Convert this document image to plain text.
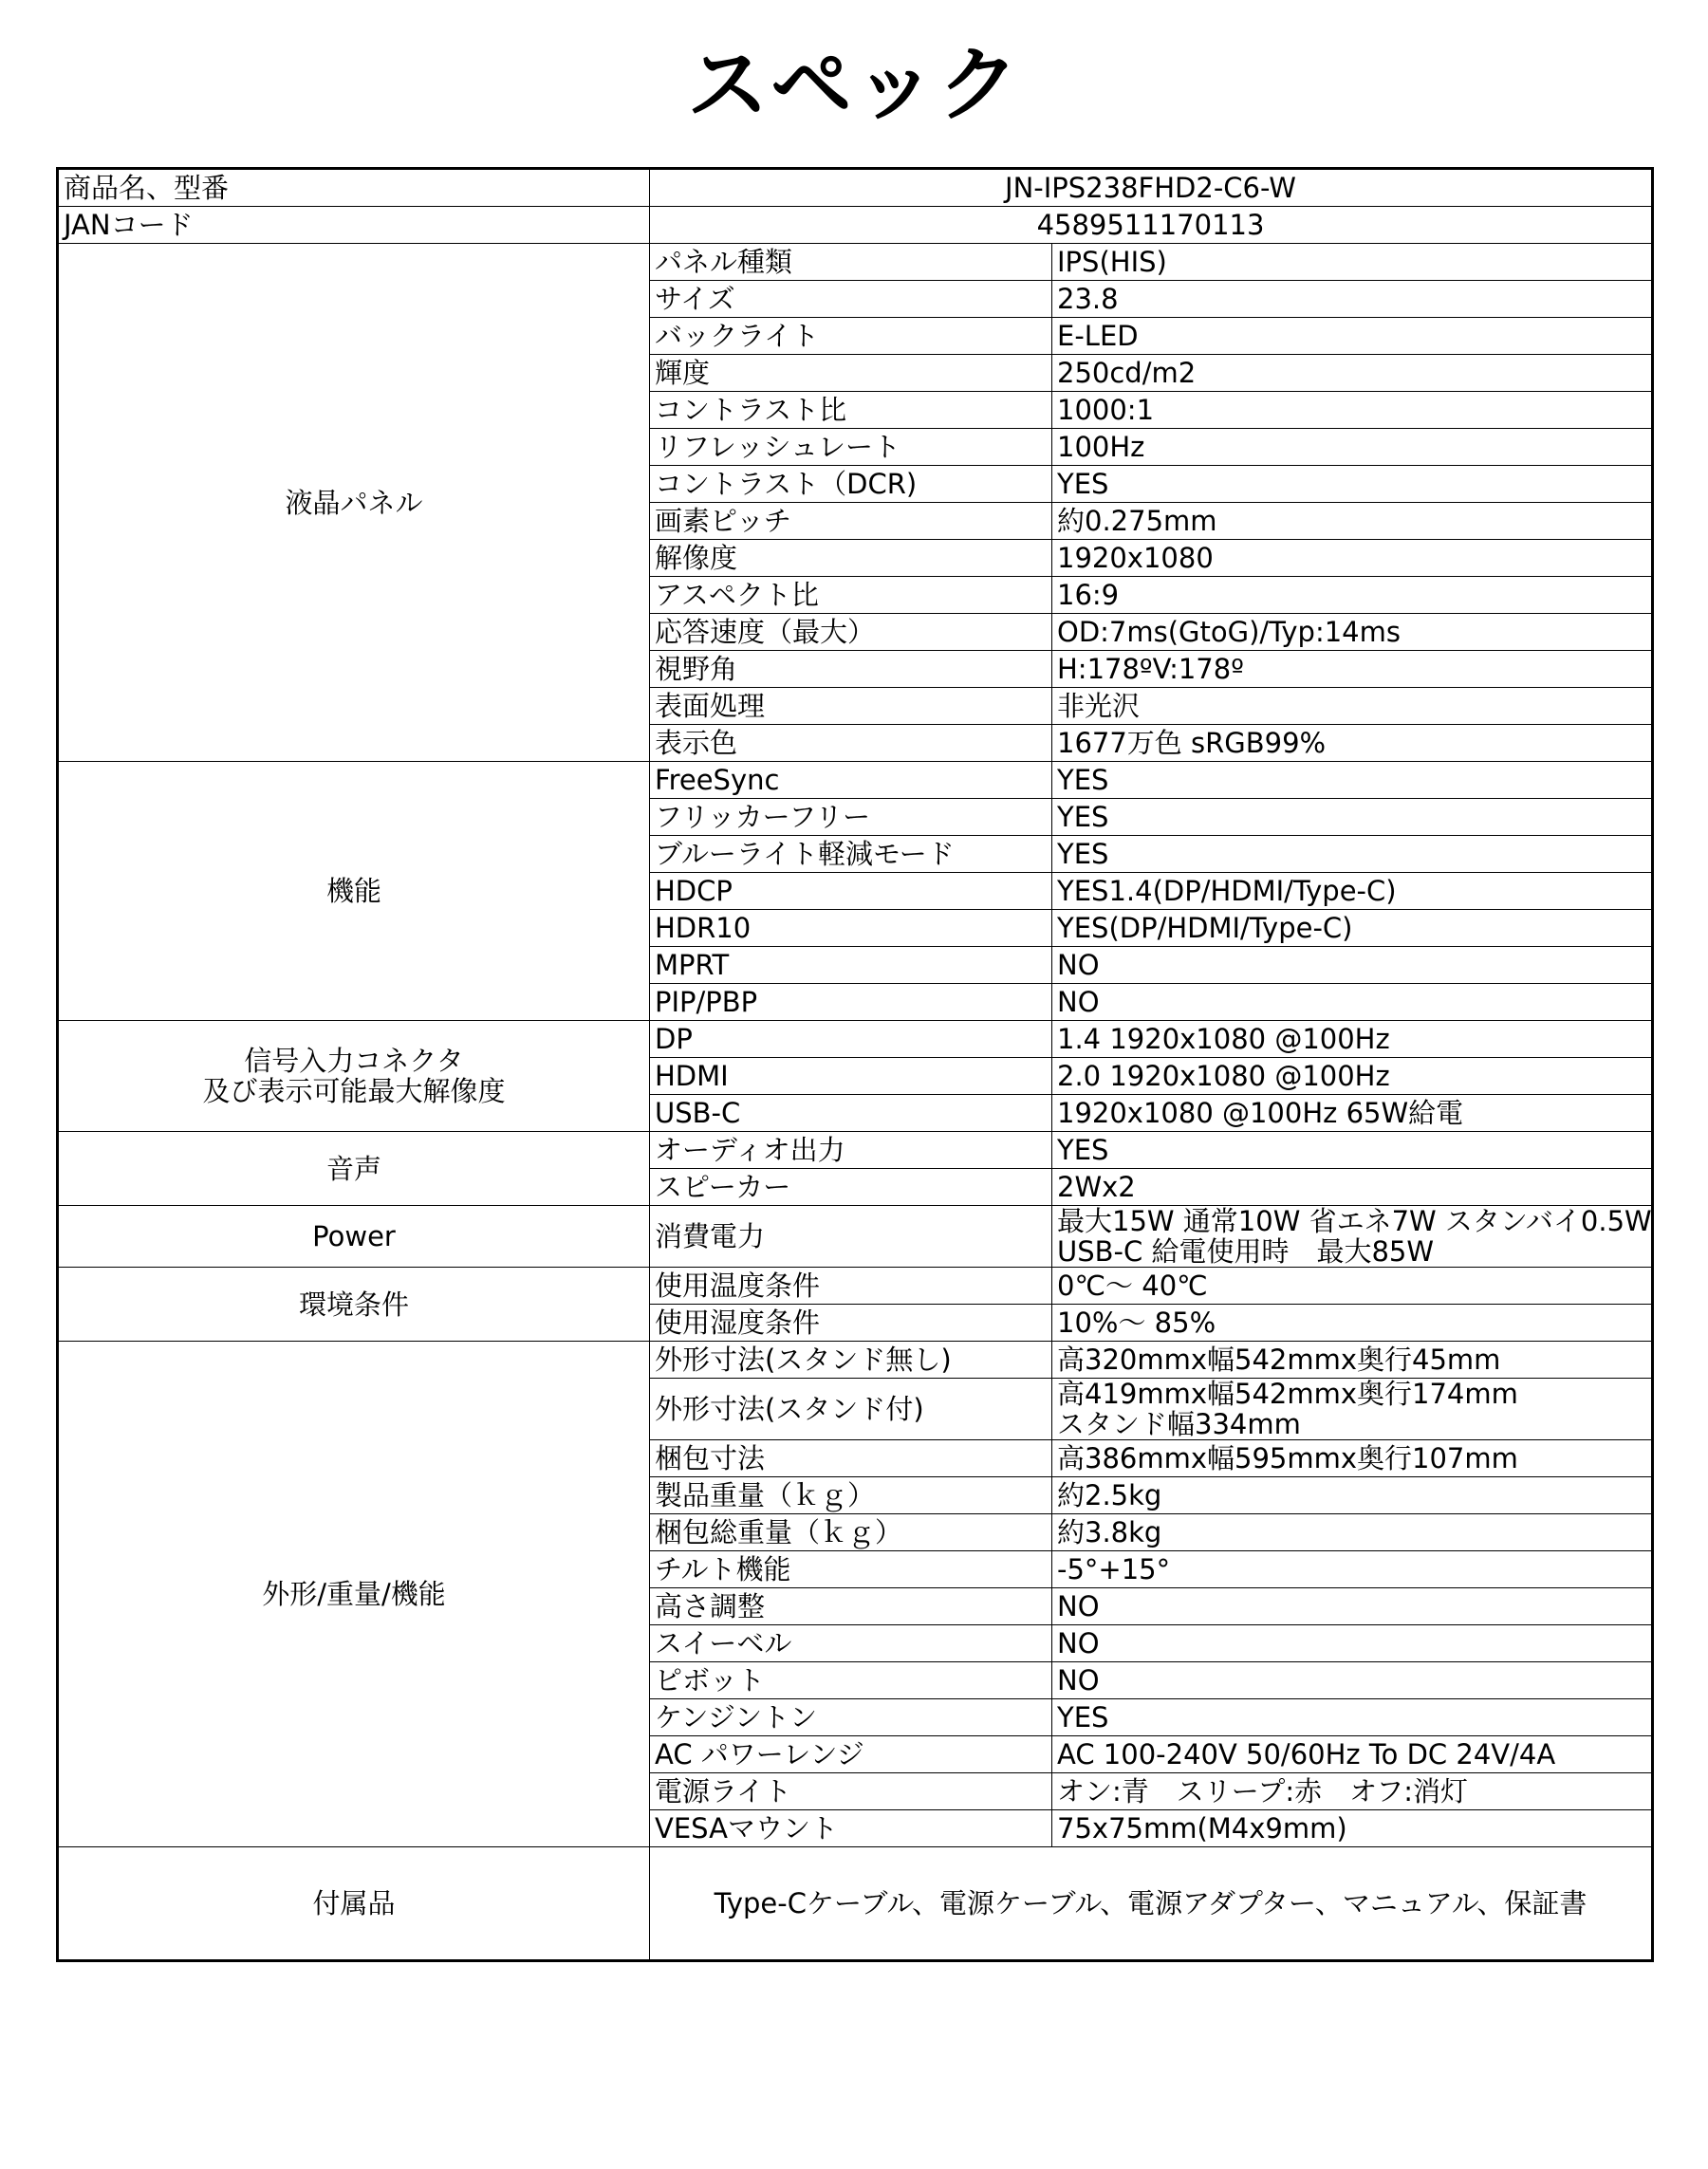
スペック
商品名、型番	JN-IPS238FHD2-C6-W	
JANコード	4589511170113	

液晶パネル	パネル種類	IPS(HIS)

	サイズ	23.8

	バックライト	E-LED

	輝度	250cd/m2

	コントラスト比	1000:1

	リフレッシュレート	100Hz

	コントラスト（DCR)	YES

	画素ピッチ	約0.275mm

	解像度	1920x1080

	アスペクト比	16:9

	応答速度（最大）	OD:7ms(GtoG)/Typ:14ms

	視野角	H:178ºV:178º

	表面処理	非光沢

	表示色	1677万色 sRGB99%

機能	FreeSync	YES

	フリッカーフリー	YES

	ブルーライト軽減モード	YES

	HDCP	YES1.4(DP/HDMI/Type-C)

	HDR10	YES(DP/HDMI/Type-C)

	MPRT	NO

	PIP/PBP	NO

信号入力コネクタ
及び表示可能最大解像度	DP	1.4 1920x1080 @100Hz

	HDMI	2.0 1920x1080 @100Hz

	USB-C	1920x1080 @100Hz 65W給電

音声	オーディオ出力	YES

	スピーカー	2Wx2

Power	消費電力	最大15W 通常10W 省エネ7W スタンバイ0.5W
USB-C 給電使用時　最大85W

環境条件	使用温度条件	0℃～ 40℃

	使用湿度条件	10%～ 85%

外形/重量/機能	外形寸法(スタンド無し)	高320mmx幅542mmx奥行45mm

	外形寸法(スタンド付)	高419mmx幅542mmx奥行174mm
スタンド幅334mm

	梱包寸法	高386mmx幅595mmx奥行107mm

	製品重量（ｋｇ）	約2.5kg

	梱包総重量（ｋｇ）	約3.8kg

	チルト機能	-5°+15°

	高さ調整	NO

	スイーベル	NO

	ピボット	NO

	ケンジントン	YES

	AC パワーレンジ	AC 100-240V 50/60Hz To DC 24V/4A

	電源ライト	オン:青　スリープ:赤　オフ:消灯

	VESAマウント	75x75mm(M4x9mm)

付属品	Type-Cケーブル、電源ケーブル、電源アダプター、マニュアル、保証書	
